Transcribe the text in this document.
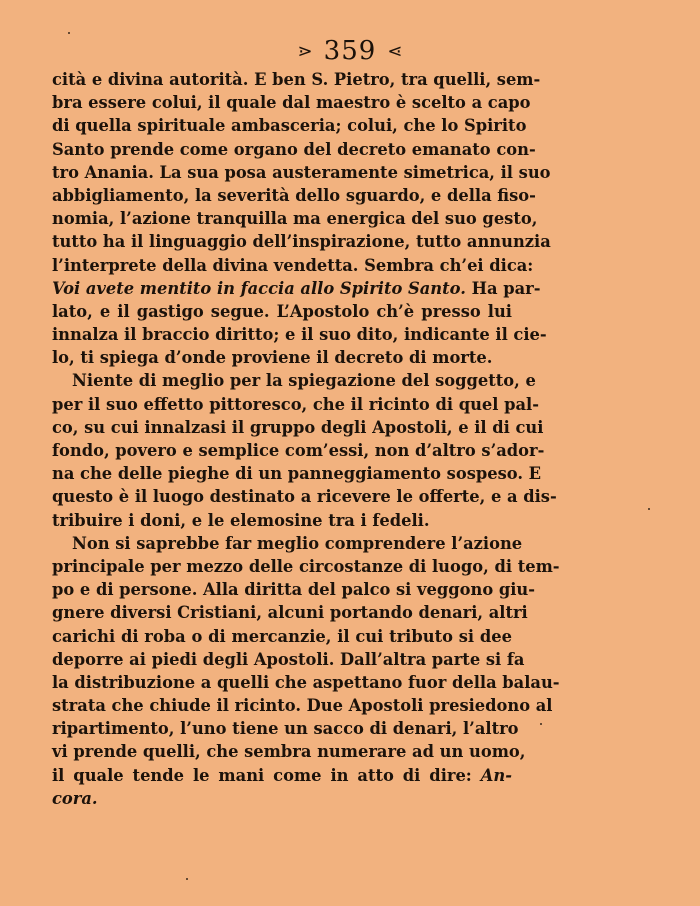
⋗ 359 ⋖
cità e divina autorità. E ben S. Pietro, tra quelli, sem-
bra essere colui, il quale dal maestro è scelto a capo
di quella spirituale ambasceria; colui, che lo Spirito
Santo prende come organo del decreto emanato con-
tro Anania. La sua posa austeramente simetrica, il suo
abbigliamento, la severità dello sguardo, e della fiso-
nomia, l’azione tranquilla ma energica del suo gesto,
tutto ha il linguaggio dell’inspirazione, tutto annunzia
l’interprete della divina vendetta. Sembra ch’ei dica:
Voi avete mentito in faccia allo Spirito Santo. Ha par-
lato, e il gastigo segue. L’Apostolo ch’è presso lui
innalza il braccio diritto; e il suo dito, indicante il cie-
lo, ti spiega d’onde proviene il decreto di morte.
Niente di meglio per la spiegazione del soggetto, e
per il suo effetto pittoresco, che il ricinto di quel pal-
co, su cui innalzasi il gruppo degli Apostoli, e il di cui
fondo, povero e semplice com’essi, non d’altro s’ador-
na che delle pieghe di un panneggiamento sospeso. E
questo è il luogo destinato a ricevere le offerte, e a dis-
tribuire i doni, e le elemosine tra i fedeli.
Non si saprebbe far meglio comprendere l’azione
principale per mezzo delle circostanze di luogo, di tem-
po e di persone. Alla diritta del palco si veggono giu-
gnere diversi Cristiani, alcuni portando denari, altri
carichi di roba o di mercanzie, il cui tributo si dee
deporre ai piedi degli Apostoli. Dall’altra parte si fa
la distribuzione a quelli che aspettano fuor della balau-
strata che chiude il ricinto. Due Apostoli presiedono al
ripartimento, l’uno tiene un sacco di denari, l’altro
vi prende quelli, che sembra numerare ad un uomo,
il quale tende le mani come in atto di dire: An-
cora.
